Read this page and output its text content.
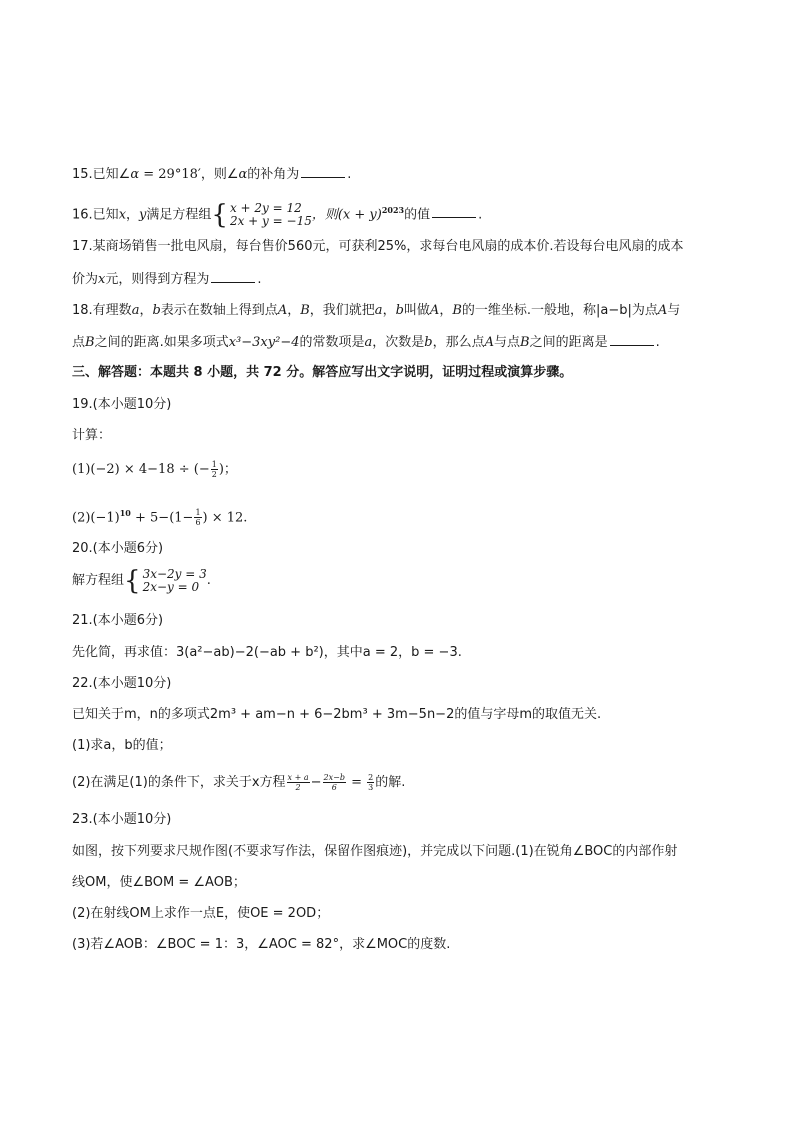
15.已知∠α = 29°18′，则∠α的补角为	.
16.已知x，y满足方程组 { x + 2y = 12
2x + y = −15 ，则$(x + y)^{2023}$的值	.
17.某商场销售一批电风扇，每台售价560元，可获利25%，求每台电风扇的成本价.若设每台电风扇的成本
价为x元，则得到方程为	.
18.有理数a，b表示在数轴上得到点A，B，我们就把a，b叫做A，B的一维坐标.一般地，称|a−b|为点A与
点B之间的距离.如果多项式x³−3xy²−4的常数项是a，次数是b，那么点A与点B之间的距离是	.
三、解答题：本题共 8 小题，共 72 分。解答应写出文字说明，证明过程或演算步骤。
19.(本小题10分)
计算：
(1)(−2) × 4−18 ÷ (− $\frac{1}{2}$ )；
$(2)(-1)^{10} + 5-(1- \frac{1}{6}$ ) × 12.
20.(本小题6分)
解方程组 { 3x−2y = 3
2x−y = 0 .
21.(本小题6分)
先化简，再求值：3(a²−ab)−2(−ab + b²)，其中a = 2，b = −3.
22.(本小题10分)
已知关于m，n的多项式2m³ + am−n + 6−2bm³ + 3m−5n−2的值与字母m的取值无关.
(1)求a，b的值；
(2)在满足(1)的条件下，求关于x方程 $\frac{x + a}{2} - \frac{2x-b}{6} = \frac{2}{3}$ 的解.
23.(本小题10分)
如图，按下列要求尺规作图(不要求写作法，保留作图痕迹)，并完成以下问题.(1)在锐角∠BOC的内部作射
线OM，使∠BOM = ∠AOB；
(2)在射线OM上求作一点E，使OE = 2OD；
(3)若∠AOB：∠BOC = 1：3，∠AOC = 82°，求∠MOC的度数.
